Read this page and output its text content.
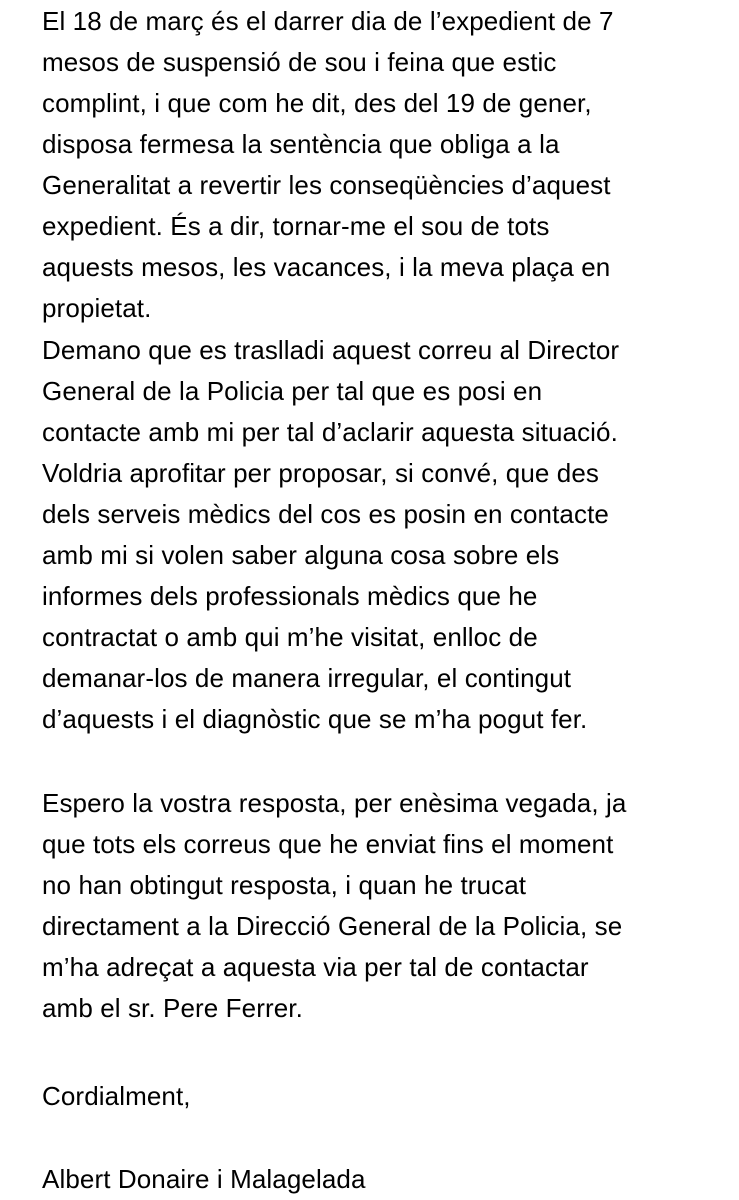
El 18 de març és el darrer dia de l’expedient de 7
mesos de suspensió de sou i feina que estic
complint, i que com he dit, des del 19 de gener,
disposa fermesa la sentència que obliga a la
Generalitat a revertir les conseqüències d’aquest
expedient. És a dir, tornar-me el sou de tots
aquests mesos, les vacances, i la meva plaça en
propietat.
Demano que es traslladi aquest correu al Director
General de la Policia per tal que es posi en
contacte amb mi per tal d’aclarir aquesta situació.
Voldria aprofitar per proposar, si convé, que des
dels serveis mèdics del cos es posin en contacte
amb mi si volen saber alguna cosa sobre els
informes dels professionals mèdics que he
contractat o amb qui m’he visitat, enlloc de
demanar-los de manera irregular, el contingut
d’aquests i el diagnòstic que se m’ha pogut fer.
Espero la vostra resposta, per enèsima vegada, ja
que tots els correus que he enviat fins el moment
no han obtingut resposta, i quan he trucat
directament a la Direcció General de la Policia, se
m’ha adreçat a aquesta via per tal de contactar
amb el sr. Pere Ferrer.
Cordialment,
Albert Donaire i Malagelada
